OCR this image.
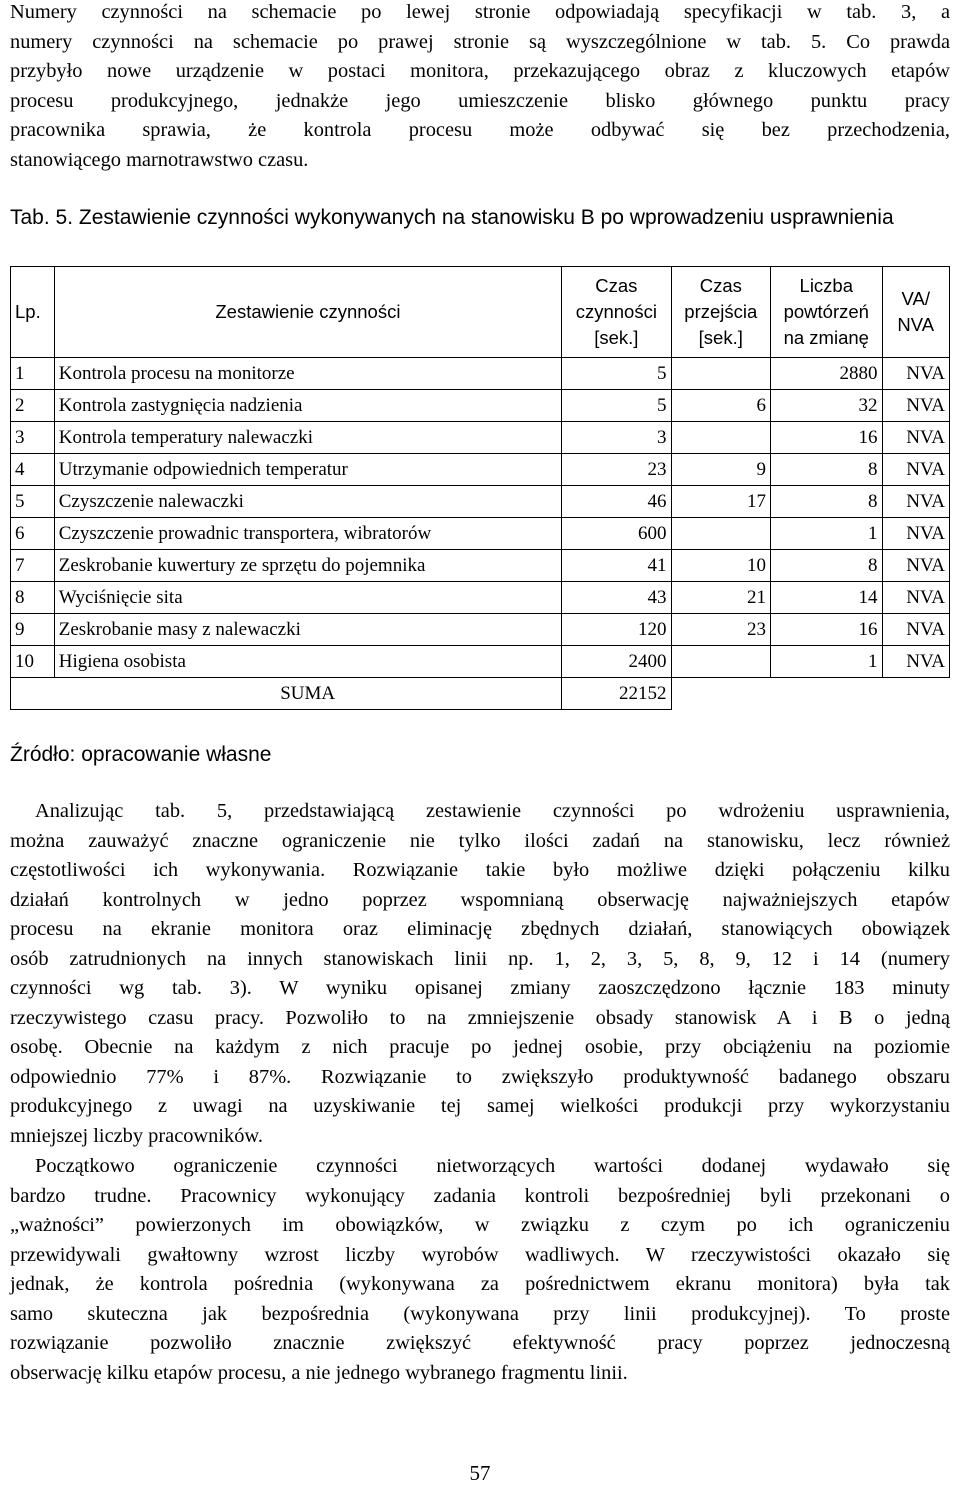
Numery czynności na schemacie po lewej stronie odpowiadają specyfikacji w tab. 3, a
numery czynności na schemacie po prawej stronie są wyszczególnione w tab. 5. Co prawda
przybyło nowe urządzenie w postaci monitora, przekazującego obraz z kluczowych etapów
procesu produkcyjnego, jednakże jego umieszczenie blisko głównego punktu pracy
pracownika sprawia, że kontrola procesu może odbywać się bez przechodzenia,
stanowiącego marnotrawstwo czasu.
Tab. 5. Zestawienie czynności wykonywanych na stanowisku B po wprowadzeniu usprawnienia
Lp.	Zestawienie czynności	Czas
czynności
[sek.]	Czas
przejścia
[sek.]	Liczba
powtórzeń
na zmianę	VA/
NVA
1	Kontrola procesu na monitorze	5		2880	NVA
2	Kontrola zastygnięcia nadzienia	5	6	32	NVA
3	Kontrola temperatury nalewaczki	3		16	NVA
4	Utrzymanie odpowiednich temperatur	23	9	8	NVA
5	Czyszczenie nalewaczki	46	17	8	NVA
6	Czyszczenie prowadnic transportera, wibratorów	600		1	NVA
7	Zeskrobanie kuwertury ze sprzętu do pojemnika	41	10	8	NVA
8	Wyciśnięcie sita	43	21	14	NVA
9	Zeskrobanie masy z nalewaczki	120	23	16	NVA
10	Higiena osobista	2400		1	NVA
	SUMA	22152			
Źródło: opracowanie własne
Analizując tab. 5, przedstawiającą zestawienie czynności po wdrożeniu usprawnienia,
można zauważyć znaczne ograniczenie nie tylko ilości zadań na stanowisku, lecz również
częstotliwości ich wykonywania. Rozwiązanie takie było możliwe dzięki połączeniu kilku
działań kontrolnych w jedno poprzez wspomnianą obserwację najważniejszych etapów
procesu na ekranie monitora oraz eliminację zbędnych działań, stanowiących obowiązek
osób zatrudnionych na innych stanowiskach linii np. 1, 2, 3, 5, 8, 9, 12 i 14 (numery
czynności wg tab. 3). W wyniku opisanej zmiany zaoszczędzono łącznie 183 minuty
rzeczywistego czasu pracy. Pozwoliło to na zmniejszenie obsady stanowisk A i B o jedną
osobę. Obecnie na każdym z nich pracuje po jednej osobie, przy obciążeniu na poziomie
odpowiednio 77% i 87%. Rozwiązanie to zwiększyło produktywność badanego obszaru
produkcyjnego z uwagi na uzyskiwanie tej samej wielkości produkcji przy wykorzystaniu
mniejszej liczby pracowników.
Początkowo ograniczenie czynności nietworzących wartości dodanej wydawało się
bardzo trudne. Pracownicy wykonujący zadania kontroli bezpośredniej byli przekonani o
„ważności” powierzonych im obowiązków, w związku z czym po ich ograniczeniu
przewidywali gwałtowny wzrost liczby wyrobów wadliwych. W rzeczywistości okazało się
jednak, że kontrola pośrednia (wykonywana za pośrednictwem ekranu monitora) była tak
samo skuteczna jak bezpośrednia (wykonywana przy linii produkcyjnej). To proste
rozwiązanie pozwoliło znacznie zwiększyć efektywność pracy poprzez jednoczesną
obserwację kilku etapów procesu, a nie jednego wybranego fragmentu linii.
57
